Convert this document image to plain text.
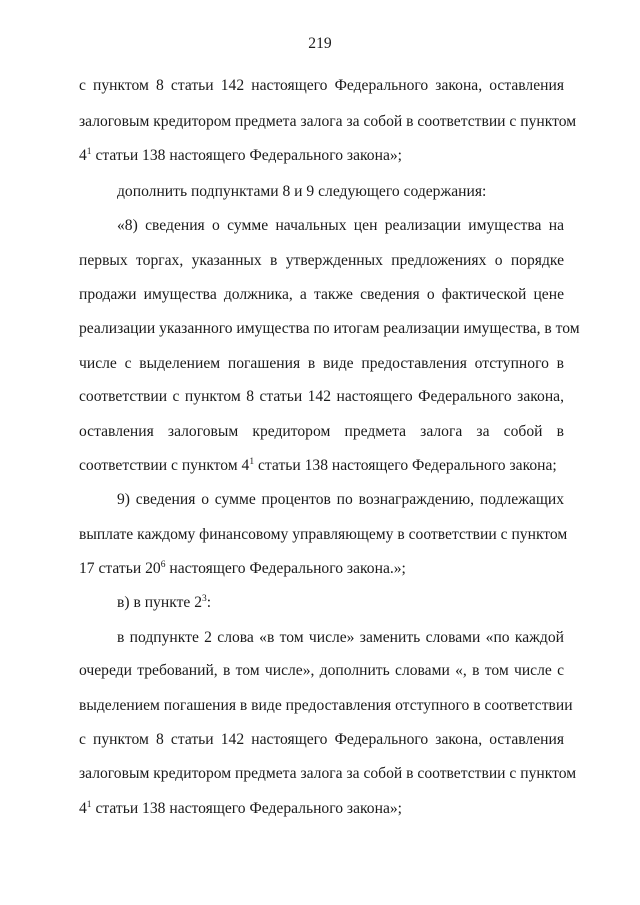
219
с пунктом 8 статьи 142 настоящего Федерального закона, оставления
залоговым кредитором предмета залога за собой в соответствии с пунктом
$4^1$ статьи 138 настоящего Федерального закона»;
дополнить подпунктами 8 и 9 следующего содержания:
«8) сведения о сумме начальных цен реализации имущества на
первых торгах, указанных в утвержденных предложениях о порядке
продажи имущества должника, а также сведения о фактической цене
реализации указанного имущества по итогам реализации имущества, в том
числе с выделением погашения в виде предоставления отступного в
соответствии с пунктом 8 статьи 142 настоящего Федерального закона,
оставления залоговым кредитором предмета залога за собой в
соответствии с пунктом $4^1$ статьи 138 настоящего Федерального закона;
9) сведения о сумме процентов по вознаграждению, подлежащих
выплате каждому финансовому управляющему в соответствии с пунктом
17 статьи $20^6$ настоящего Федерального закона.»;
в) в пункте $2^3$:
в подпункте 2 слова «в том числе» заменить словами «по каждой
очереди требований, в том числе», дополнить словами «, в том числе с
выделением погашения в виде предоставления отступного в соответствии
с пунктом 8 статьи 142 настоящего Федерального закона, оставления
залоговым кредитором предмета залога за собой в соответствии с пунктом
$4^1$ статьи 138 настоящего Федерального закона»;
